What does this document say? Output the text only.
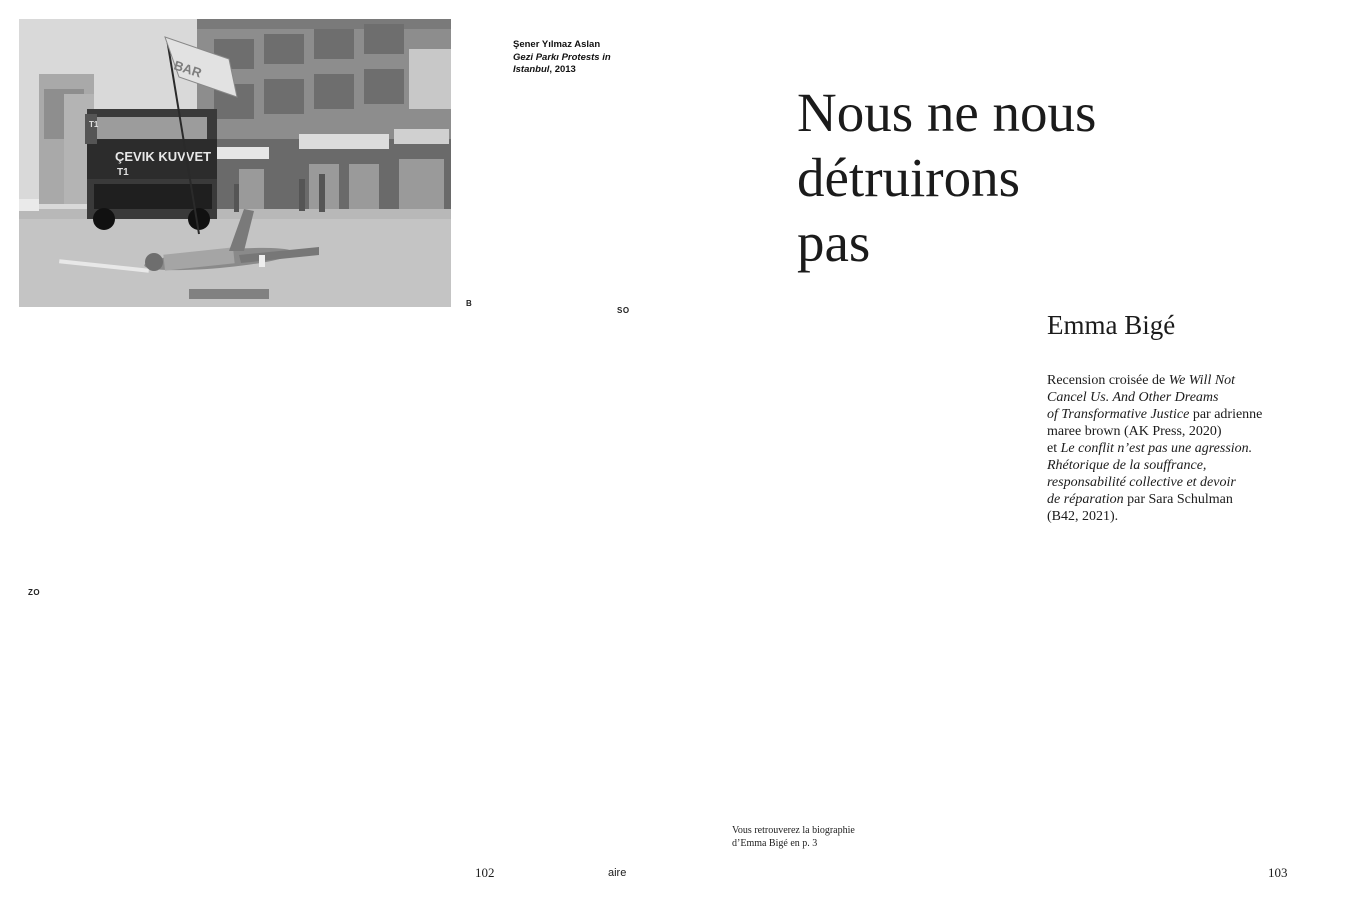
ÇEVIK KUVVET
T1
T1
BAR
Şener Yılmaz Aslan
Gezi Parkı Protests in
Istanbul, 2013
B
SO
ZO
Nous ne nous
détruirons
pas
Emma Bigé
Recension croisée de We Will Not
Cancel Us. And Other Dreams
of Transformative Justice par adrienne
maree brown (AK Press, 2020)
et Le conflit n’est pas une agression.
Rhétorique de la souffrance,
responsabilité collective et devoir
de réparation par Sara Schulman
(B42, 2021).
Vous retrouverez la biographie
d’Emma Bigé en p. 3
102	aire	103
